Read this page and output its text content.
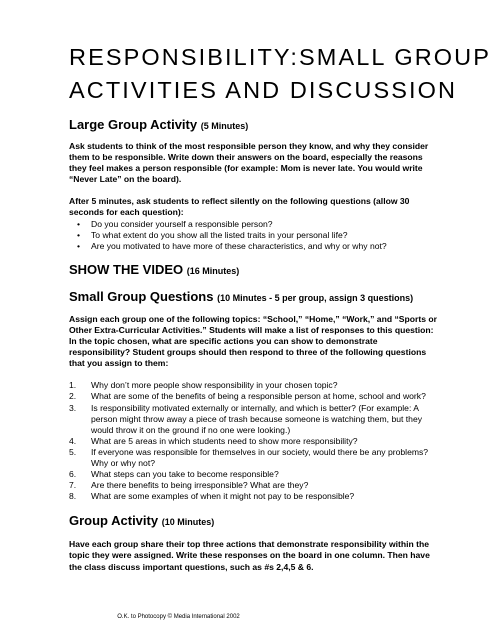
RESPONSIBILITY:SMALL GROUP
ACTIVITIES AND DISCUSSION
Large Group Activity (5 Minutes)

Ask students to think of the most responsible person they know, and why they consider them to be responsible. Write down their answers on the board, especially the reasons they feel makes a person responsible (for example: Mom is never late. You would write “Never Late” on the board).

After 5 minutes, ask students to reflect silently on the following questions (allow 30 seconds for each question):

• Do you consider yourself a responsible person?
• To what extent do you show all the listed traits in your personal life?
• Are you motivated to have more of these characteristics, and why or why not?
SHOW THE VIDEO (16 Minutes)
Small Group Questions (10 Minutes - 5 per group, assign 3 questions)

Assign each group one of the following topics: “School,” “Home,” “Work,” and “Sports or Other Extra-Curricular Activities.” Students will make a list of responses to this question: In the topic chosen, what are specific actions you can show to demonstrate responsibility? Student groups should then respond to three of the following questions that you assign to them:

1. Why don’t more people show responsibility in your chosen topic?
2. What are some of the benefits of being a responsible person at home, school and work?
3. Is responsibility motivated externally or internally, and which is better? (For example: A person might throw away a piece of trash because someone is watching them, but they would throw it on the ground if no one were looking.)
4. What are 5 areas in which students need to show more responsibility?
5. If everyone was responsible for themselves in our society, would there be any problems? Why or why not?
6. What steps can you take to become responsible?
7. Are there benefits to being irresponsible? What are they?
8. What are some examples of when it might not pay to be responsible?
Group Activity (10 Minutes)

Have each group share their top three actions that demonstrate responsibility within the topic they were assigned. Write these responses on the board in one column. Then have the class discuss important questions, such as #s 2,4,5 & 6.

O.K. to Photocopy © Media International 2002
